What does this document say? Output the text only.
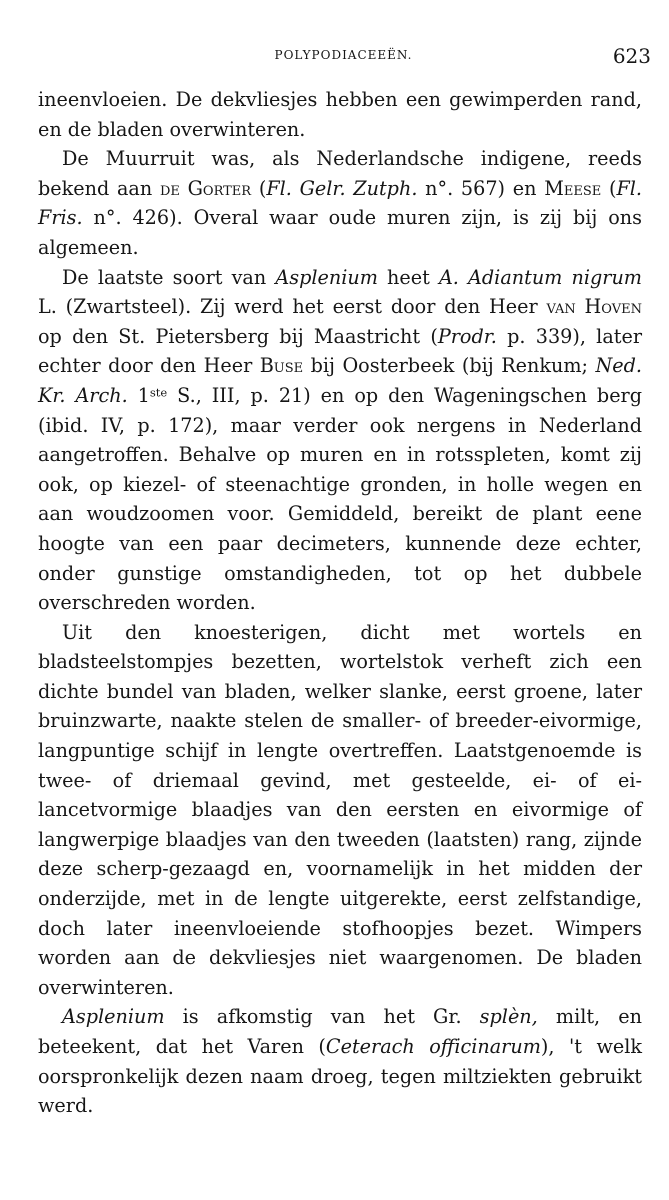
POLYPODIACEEËN.	623

ineenvloeien. De dekvliesjes hebben een gewimperden rand, en de bladen overwinteren.

De Muurruit was, als Nederlandsche indigene, reeds bekend aan de Gorter (Fl. Gelr. Zutph. n°. 567) en Meese (Fl. Fris. n°. 426). Overal waar oude muren zijn, is zij bij ons algemeen.

De laatste soort van Asplenium heet A. Adiantum nigrum L. (Zwartsteel). Zij werd het eerst door den Heer van Hoven op den St. Pietersberg bij Maastricht (Prodr. p. 339), later echter door den Heer Buse bij Oosterbeek (bij Renkum; Ned. Kr. Arch. 1ste S., III, p. 21) en op den Wageningschen berg (ibid. IV, p. 172), maar verder ook nergens in Nederland aangetroffen. Behalve op muren en in rotsspleten, komt zij ook, op kiezel- of steenachtige gronden, in holle wegen en aan woudzoomen voor. Gemiddeld, bereikt de plant eene hoogte van een paar decimeters, kunnende deze echter, onder gunstige omstandigheden, tot op het dubbele overschreden worden.

Uit den knoesterigen, dicht met wortels en bladsteelstompjes bezetten, wortelstok verheft zich een dichte bundel van bladen, welker slanke, eerst groene, later bruinzwarte, naakte stelen de smaller- of breeder-eivormige, langpuntige schijf in lengte overtreffen. Laatstgenoemde is twee- of driemaal gevind, met gesteelde, ei- of ei-lancetvormige blaadjes van den eersten en eivormige of langwerpige blaadjes van den tweeden (laatsten) rang, zijnde deze scherp-gezaagd en, voornamelijk in het midden der onderzijde, met in de lengte uitgerekte, eerst zelfstandige, doch later ineenvloeiende stofhoopjes bezet. Wimpers worden aan de dekvliesjes niet waargenomen. De bladen overwinteren.

Asplenium is afkomstig van het Gr. splèn, milt, en beteekent, dat het Varen (Ceterach officinarum), 't welk oorspronkelijk dezen naam droeg, tegen miltziekten gebruikt werd.
